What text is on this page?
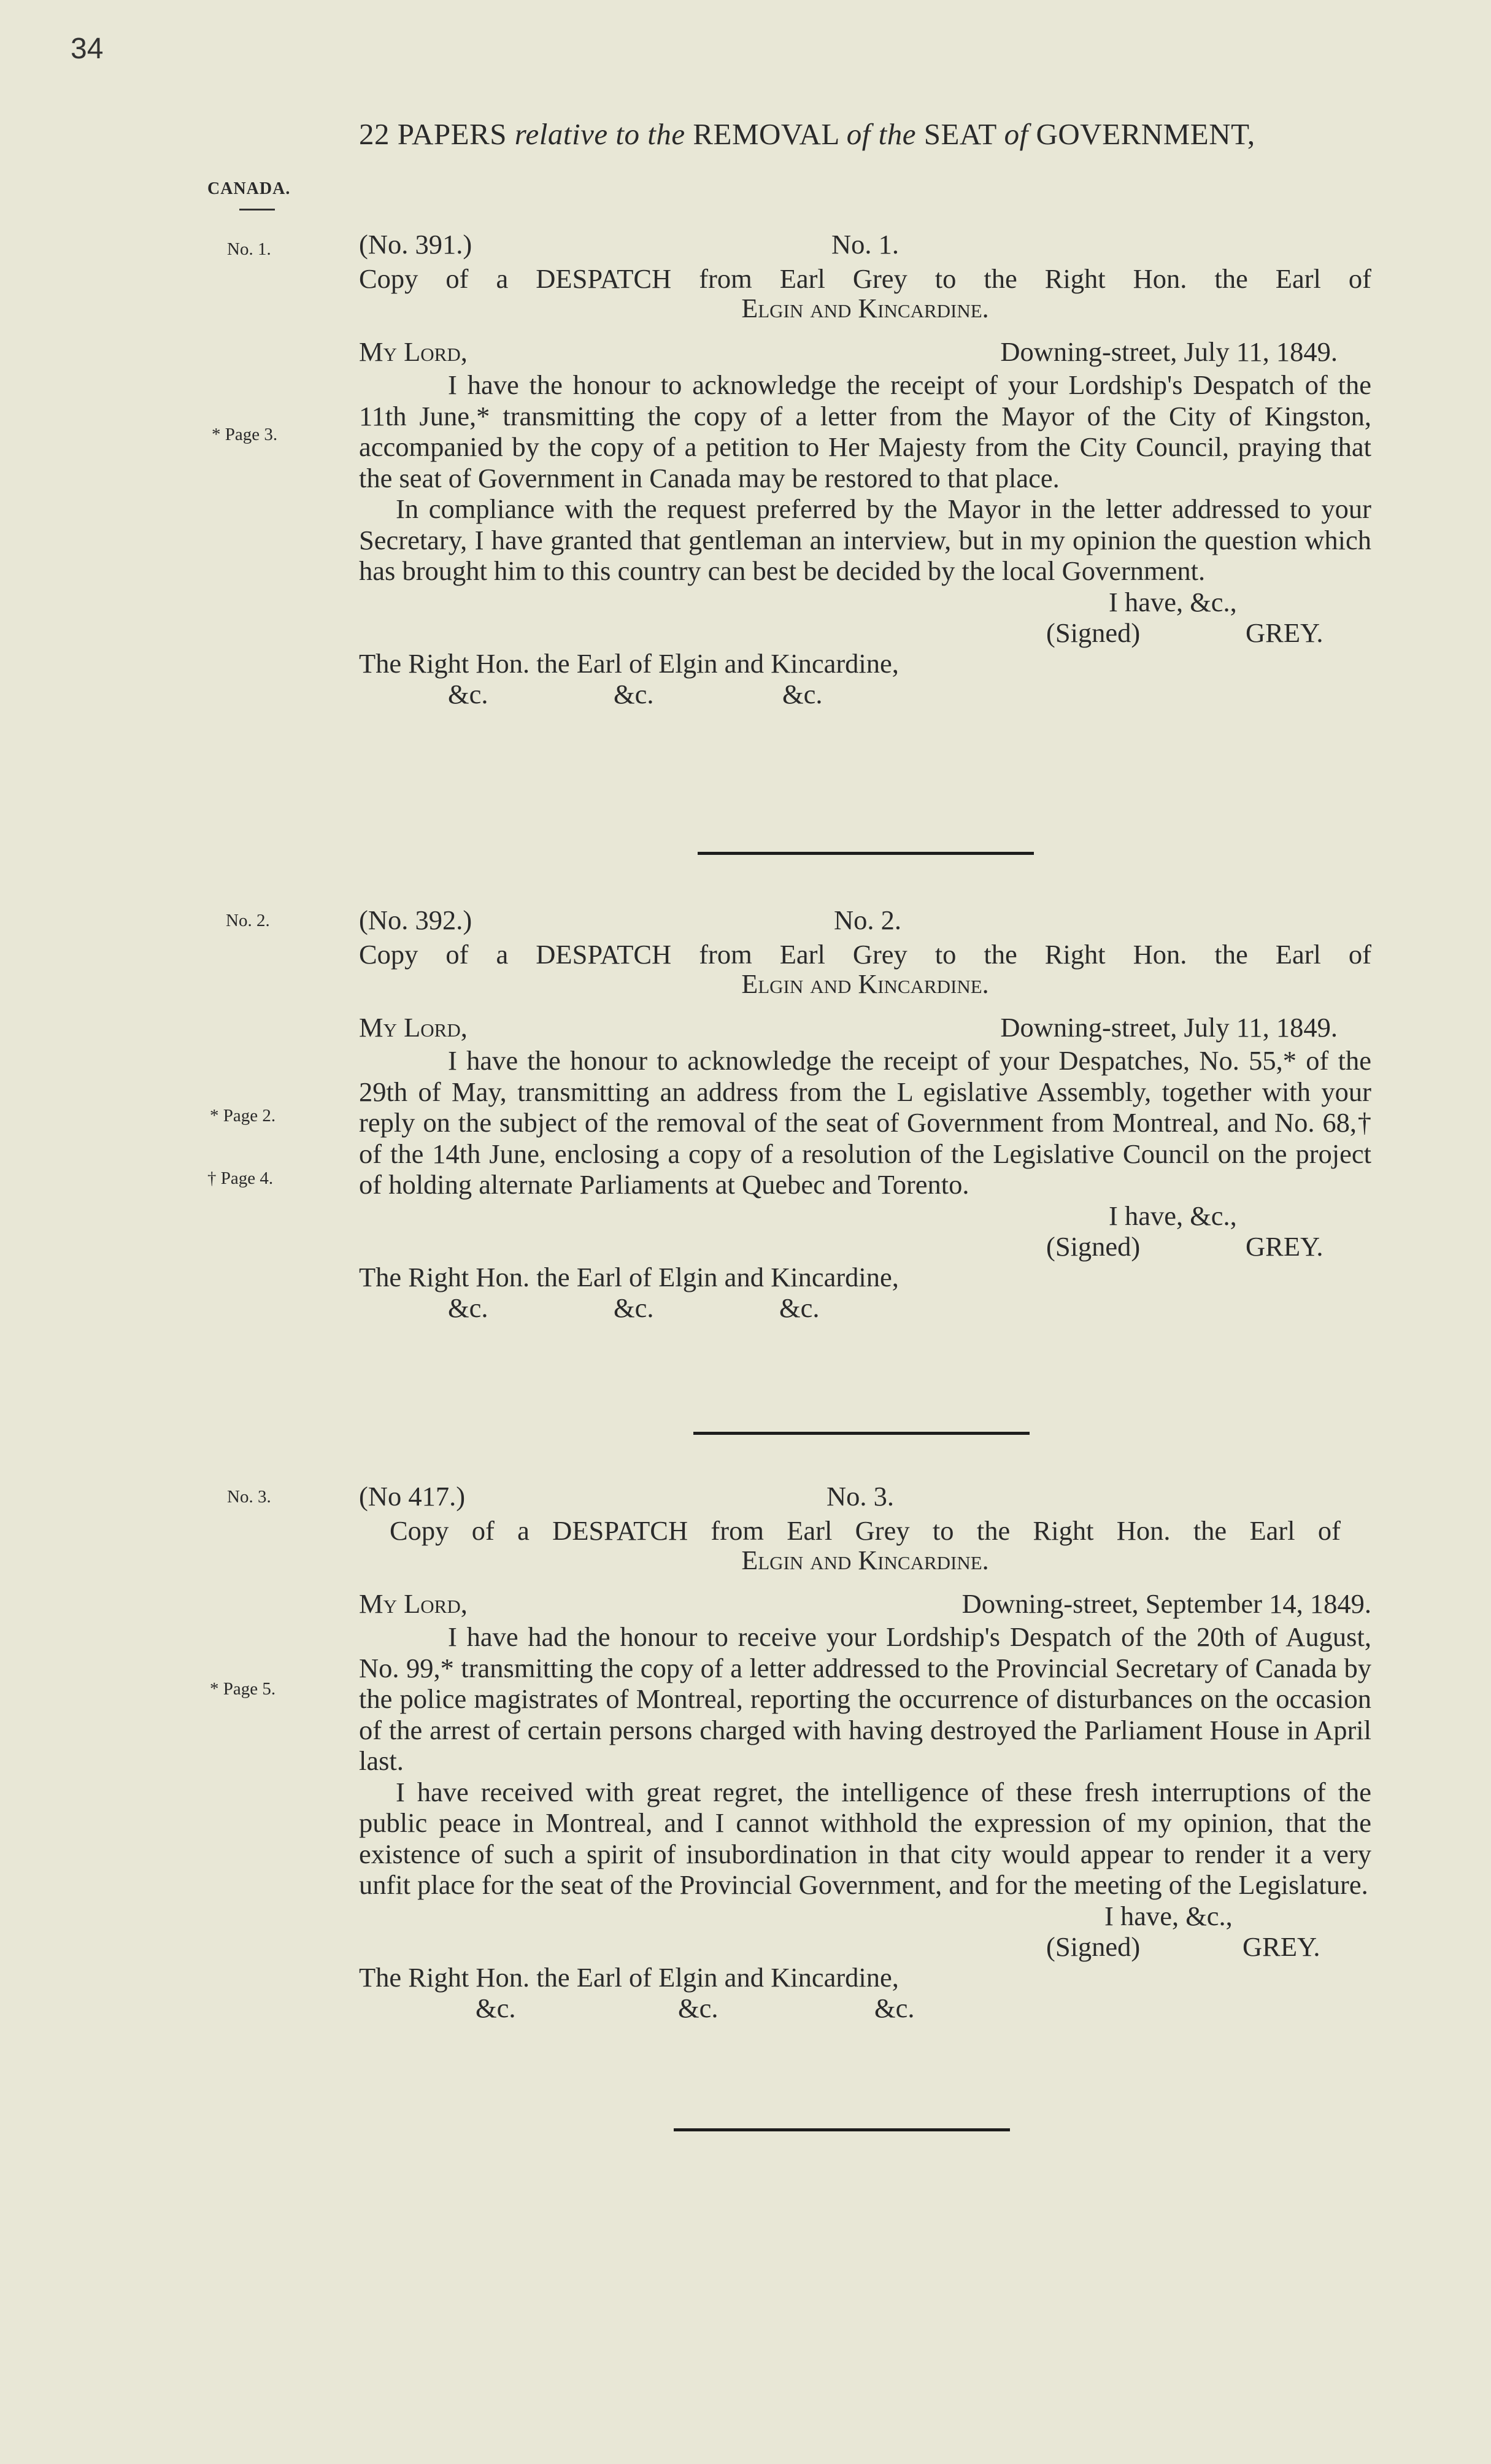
34
22 PAPERS relative to the REMOVAL of the SEAT of GOVERNMENT,
CANADA.
No. 1.
* Page 3.
(No. 391.)	No. 1.
Copy of a DESPATCH from Earl Grey to the Right Hon. the Earl of
Elgin and Kincardine.
My Lord,	Downing-street, July 11, 1849.

I have the honour to acknowledge the receipt of your Lordship's Despatch of the 11th June,* transmitting the copy of a letter from the Mayor of the City of Kingston, accompanied by the copy of a petition to Her Majesty from the City Council, praying that the seat of Government in Canada may be restored to that place.

In compliance with the request preferred by the Mayor in the letter addressed to your Secretary, I have granted that gentleman an interview, but in my opinion the question which has brought him to this country can best be decided by the local Government.

I have, &c.,
(Signed)	GREY.
The Right Hon. the Earl of Elgin and Kincardine,
&c.	&c.	&c.
No. 2.
* Page 2.
† Page 4.
(No. 392.)	No. 2.
Copy of a DESPATCH from Earl Grey to the Right Hon. the Earl of
Elgin and Kincardine.
My Lord,	Downing-street, July 11, 1849.

I have the honour to acknowledge the receipt of your Despatches, No. 55,* of the 29th of May, transmitting an address from the L egislative Assembly, together with your reply on the subject of the removal of the seat of Government from Montreal, and No. 68,† of the 14th June, enclosing a copy of a resolution of the Legislative Council on the project of holding alternate Parliaments at Quebec and Torento.

I have, &c.,
(Signed)	GREY.
The Right Hon. the Earl of Elgin and Kincardine,
&c.	&c.	&c.
No. 3.
* Page 5.
(No 417.)	No. 3.
Copy of a DESPATCH from Earl Grey to the Right Hon. the Earl of
Elgin and Kincardine.
My Lord,	Downing-street, September 14, 1849.

I have had the honour to receive your Lordship's Despatch of the 20th of August, No. 99,* transmitting the copy of a letter addressed to the Provincial Secretary of Canada by the police magistrates of Montreal, reporting the occurrence of disturbances on the occasion of the arrest of certain persons charged with having destroyed the Parliament House in April last.

I have received with great regret, the intelligence of these fresh interruptions of the public peace in Montreal, and I cannot withhold the expression of my opinion, that the existence of such a spirit of insubordination in that city would appear to render it a very unfit place for the seat of the Provincial Government, and for the meeting of the Legislature.

I have, &c.,
(Signed)	GREY.
The Right Hon. the Earl of Elgin and Kincardine,
&c.	&c.	&c.
